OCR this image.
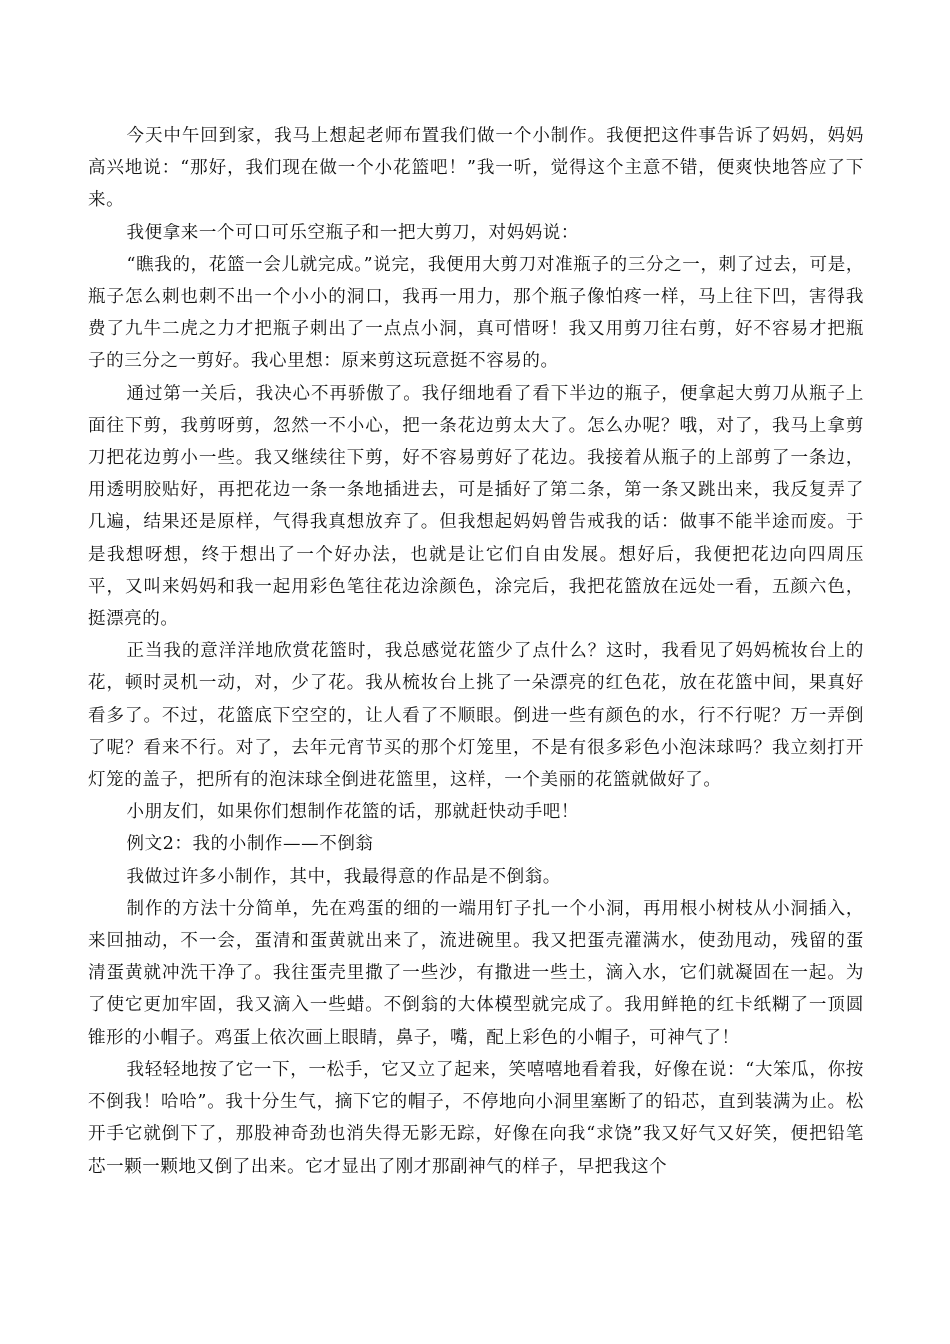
今天中午回到家，我马上想起老师布置我们做一个小制作。我便把这件事告诉了妈妈，妈妈高兴地说：“那好，我们现在做一个小花篮吧！”我一听，觉得这个主意不错，便爽快地答应了下来。

我便拿来一个可口可乐空瓶子和一把大剪刀，对妈妈说：

“瞧我的，花篮一会儿就完成。”说完，我便用大剪刀对准瓶子的三分之一，刺了过去，可是，瓶子怎么刺也刺不出一个小小的洞口，我再一用力，那个瓶子像怕疼一样，马上往下凹，害得我费了九牛二虎之力才把瓶子刺出了一点点小洞，真可惜呀！我又用剪刀往右剪，好不容易才把瓶子的三分之一剪好。我心里想：原来剪这玩意挺不容易的。

通过第一关后，我决心不再骄傲了。我仔细地看了看下半边的瓶子，便拿起大剪刀从瓶子上面往下剪，我剪呀剪，忽然一不小心，把一条花边剪太大了。怎么办呢？哦，对了，我马上拿剪刀把花边剪小一些。我又继续往下剪，好不容易剪好了花边。我接着从瓶子的上部剪了一条边，用透明胶贴好，再把花边一条一条地插进去，可是插好了第二条，第一条又跳出来，我反复弄了几遍，结果还是原样，气得我真想放弃了。但我想起妈妈曾告戒我的话：做事不能半途而废。于是我想呀想，终于想出了一个好办法，也就是让它们自由发展。想好后，我便把花边向四周压平，又叫来妈妈和我一起用彩色笔往花边涂颜色，涂完后，我把花篮放在远处一看，五颜六色，挺漂亮的。

正当我的意洋洋地欣赏花篮时，我总感觉花篮少了点什么？这时，我看见了妈妈梳妆台上的花，顿时灵机一动，对，少了花。我从梳妆台上挑了一朵漂亮的红色花，放在花篮中间，果真好看多了。不过，花篮底下空空的，让人看了不顺眼。倒进一些有颜色的水，行不行呢？万一弄倒了呢？看来不行。对了，去年元宵节买的那个灯笼里，不是有很多彩色小泡沫球吗？我立刻打开灯笼的盖子，把所有的泡沫球全倒进花篮里，这样，一个美丽的花篮就做好了。

小朋友们，如果你们想制作花篮的话，那就赶快动手吧！

例文2：我的小制作——不倒翁

我做过许多小制作，其中，我最得意的作品是不倒翁。

制作的方法十分简单，先在鸡蛋的细的一端用钉子扎一个小洞，再用根小树枝从小洞插入，来回抽动，不一会，蛋清和蛋黄就出来了，流进碗里。我又把蛋壳灌满水，使劲甩动，残留的蛋清蛋黄就冲洗干净了。我往蛋壳里撒了一些沙，有撒进一些土，滴入水，它们就凝固在一起。为了使它更加牢固，我又滴入一些蜡。不倒翁的大体模型就完成了。我用鲜艳的红卡纸糊了一顶圆锥形的小帽子。鸡蛋上依次画上眼睛，鼻子，嘴，配上彩色的小帽子，可神气了！

我轻轻地按了它一下，一松手，它又立了起来，笑嘻嘻地看着我，好像在说：“大笨瓜，你按不倒我！哈哈”。我十分生气，摘下它的帽子，不停地向小洞里塞断了的铅芯，直到装满为止。松开手它就倒下了，那股神奇劲也消失得无影无踪，好像在向我“求饶”我又好气又好笑，便把铅笔芯一颗一颗地又倒了出来。它才显出了刚才那副神气的样子，早把我这个
